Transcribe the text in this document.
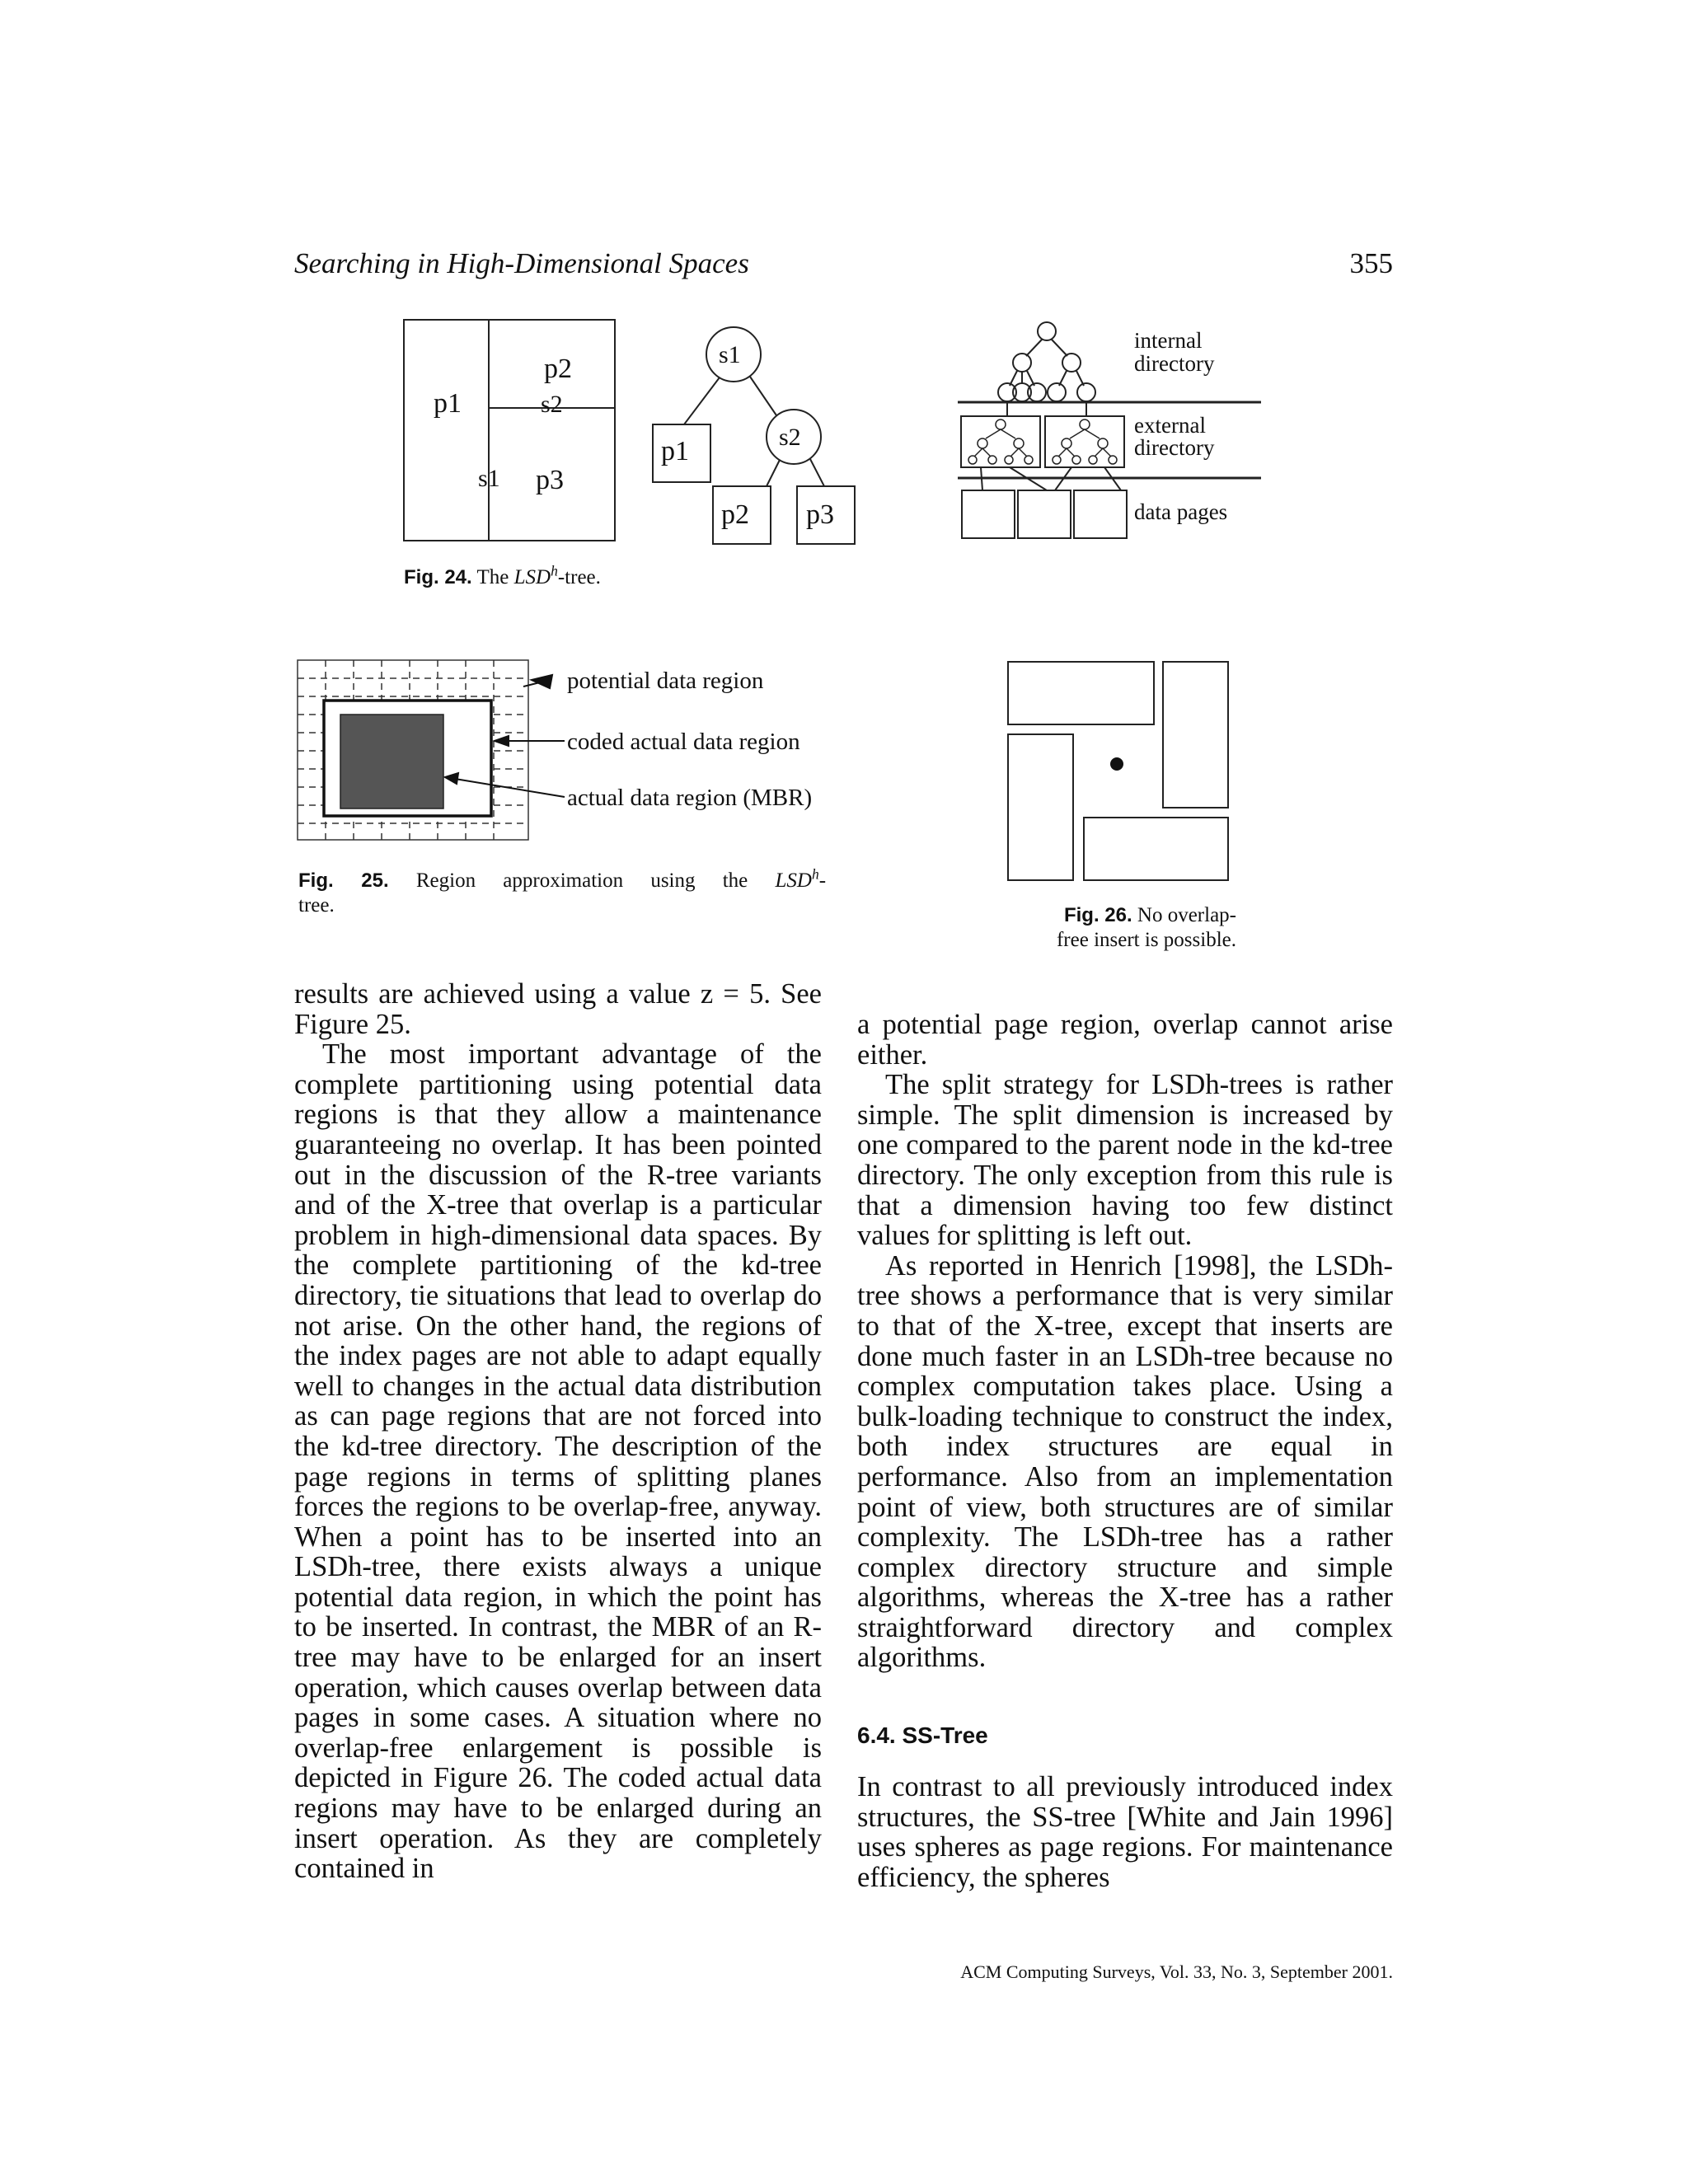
Searching in High-Dimensional Spaces	355
p1
p2
s2
s1 p3
s1
s2
p1
p2 p3
internal
directory
external
directory
data pages
Fig. 24. The LSD$^h$-tree.
potential data region
coded actual data region
actual data region (MBR)
Fig. 25. Region approximation using the LSD$^h$-
tree.	Fig. 26. No overlap-
free insert is possible.

results are achieved using a value z = 5. See Figure 25.

The most important advantage of the complete partitioning using potential data regions is that they allow a maintenance guaranteeing no overlap. It has been pointed out in the discussion of the R-tree variants and of the X-tree that overlap is a particular problem in high-dimensional data spaces. By the complete partitioning of the kd-tree directory, tie situations that lead to overlap do not arise. On the other hand, the regions of the index pages are not able to adapt equally well to changes in the actual data distribution as can page regions that are not forced into the kd-tree directory. The description of the page regions in terms of splitting planes forces the regions to be overlap-free, anyway. When a point has to be inserted into an LSDh-tree, there exists always a unique potential data region, in which the point has to be inserted. In contrast, the MBR of an R-tree may have to be enlarged for an insert operation, which causes overlap between data pages in some cases. A situation where no overlap-free enlargement is possible is depicted in Figure 26. The coded actual data regions may have to be enlarged during an insert operation. As they are completely contained in

a potential page region, overlap cannot arise either.

The split strategy for LSDh-trees is rather simple. The split dimension is increased by one compared to the parent node in the kd-tree directory. The only exception from this rule is that a dimension having too few distinct values for splitting is left out.

As reported in Henrich [1998], the LSDh-tree shows a performance that is very similar to that of the X-tree, except that inserts are done much faster in an LSDh-tree because no complex computation takes place. Using a bulk-loading technique to construct the index, both index structures are equal in performance. Also from an implementation point of view, both structures are of similar complexity. The LSDh-tree has a rather complex directory structure and simple algorithms, whereas the X-tree has a rather straightforward directory and complex algorithms.

6.4. SS-Tree

In contrast to all previously introduced index structures, the SS-tree [White and Jain 1996] uses spheres as page regions. For maintenance efficiency, the spheres

ACM Computing Surveys, Vol. 33, No. 3, September 2001.
